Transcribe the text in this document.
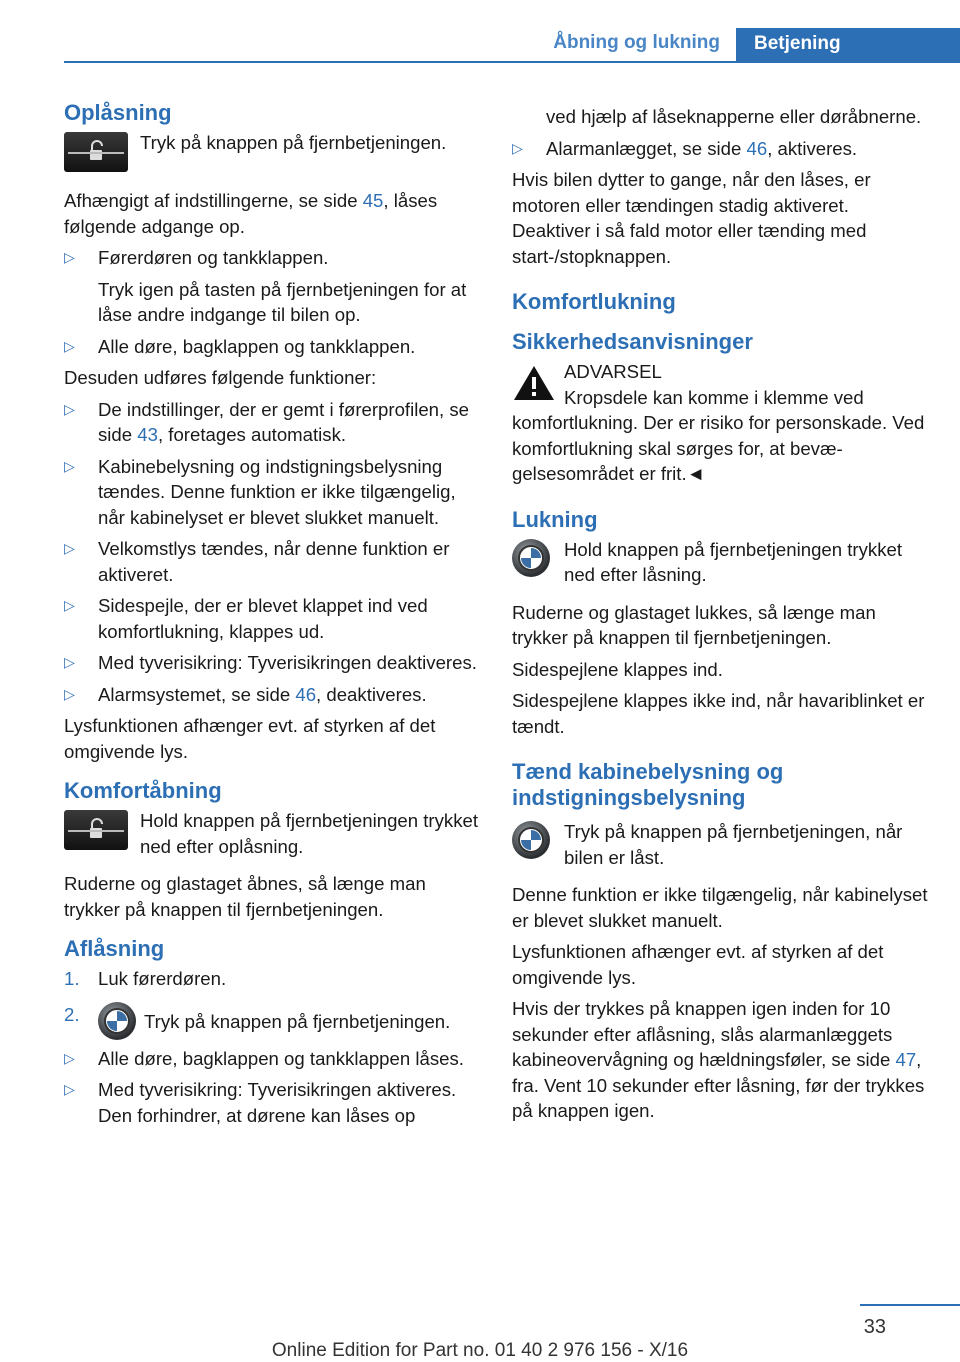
Åbning og lukning	Betjening
Oplåsning
Tryk på knappen på fjernbetjeningen.

Afhængigt af indstillingerne, se side 45, låses følgende adgange op.

▷ Førerdøren og tankklappen.
Tryk igen på tasten på fjernbetjeningen for at låse andre indgange til bilen op.
▷ Alle døre, bagklappen og tankklappen.

Desuden udføres følgende funktioner:

▷ De indstillinger, der er gemt i førerprofilen, se side 43, foretages automatisk.
▷ Kabinebelysning og indstigningsbelysning tændes. Denne funktion er ikke tilgængelig, når kabinelyset er blevet slukket manuelt.
▷ Velkomstlys tændes, når denne funktion er aktiveret.
▷ Sidespejle, der er blevet klappet ind ved komfortlukning, klappes ud.
▷ Med tyverisikring: Tyverisikringen deaktiveres.
▷ Alarmsystemet, se side 46, deaktiveres.

Lysfunktionen afhænger evt. af styrken af det omgivende lys.

Komfortåbning
Hold knappen på fjernbetjeningen trykket ned efter oplåsning.

Ruderne og glastaget åbnes, så længe man trykker på knappen til fjernbetjeningen.

Aflåsning
1. Luk førerdøren.
2.	Tryk på knappen på fjernbetjeningen.
▷ Alle døre, bagklappen og tankklappen låses.
▷ Med tyverisikring: Tyverisikringen aktiveres. Den forhindrer, at dørene kan låses op
ved hjælp af låseknapperne eller døråbnerne.
▷ Alarmanlægget, se side 46, aktiveres.

Hvis bilen dytter to gange, når den låses, er motoren eller tændingen stadig aktiveret. Deaktiver i så fald motor eller tænding med start-/stopknappen.

Komfortlukning
Sikkerhedsanvisninger
ADVARSEL

Kropsdele kan komme i klemme ved komfortlukning. Der er risiko for personskade. Ved komfortlukning skal sørges for, at bevægelsesområdet er frit.◄

Lukning
Hold knappen på fjernbetjeningen trykket ned efter låsning.

Ruderne og glastaget lukkes, så længe man trykker på knappen til fjernbetjeningen.

Sidespejlene klappes ind.

Sidespejlene klappes ikke ind, når havariblinket er tændt.

Tænd kabinebelysning og indstigningsbelysning
Tryk på knappen på fjernbetjeningen, når bilen er låst.

Denne funktion er ikke tilgængelig, når kabinelyset er blevet slukket manuelt.

Lysfunktionen afhænger evt. af styrken af det omgivende lys.

Hvis der trykkes på knappen igen inden for 10 sekunder efter aflåsning, slås alarmanlæggets kabineovervågning og hældningsføler, se side 47, fra. Vent 10 sekunder efter låsning, før der trykkes på knappen igen.

33
Online Edition for Part no. 01 40 2 976 156 - X/16
